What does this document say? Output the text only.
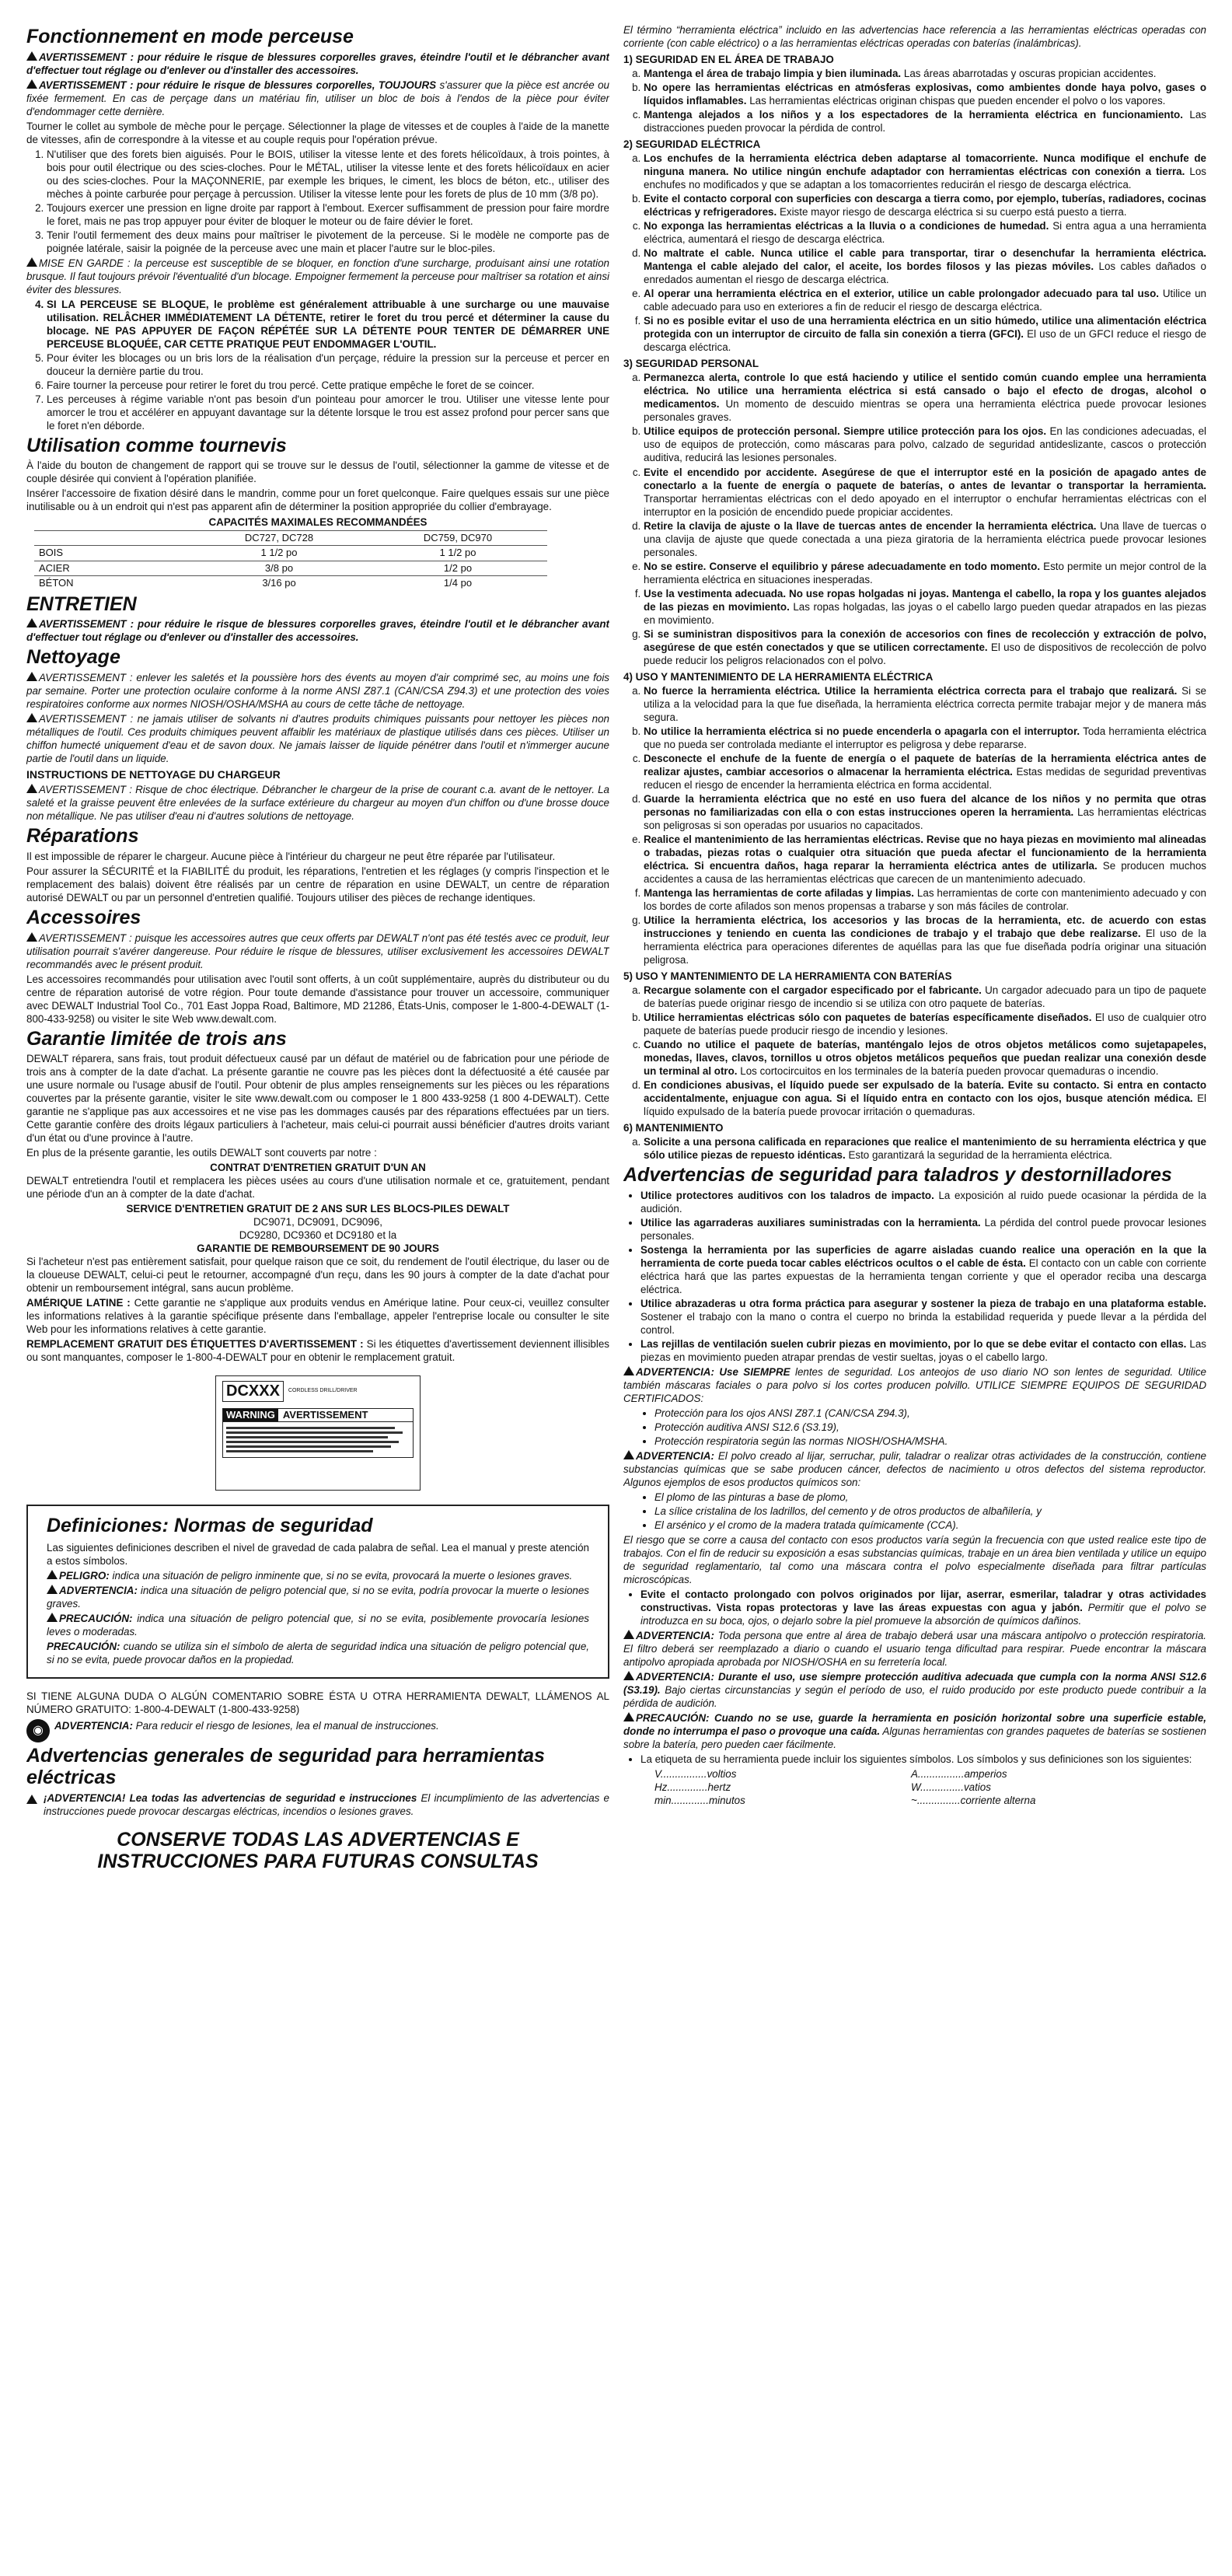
Fonctionnement en mode perceuse

AVERTISSEMENT : pour réduire le risque de blessures corporelles graves, éteindre l'outil et le débrancher avant d'effectuer tout réglage ou d'enlever ou d'installer des accessoires.

AVERTISSEMENT : pour réduire le risque de blessures corporelles, TOUJOURS s'assurer que la pièce est ancrée ou fixée fermement. En cas de perçage dans un matériau fin, utiliser un bloc de bois à l'endos de la pièce pour éviter d'endommager cette dernière.

Tourner le collet au symbole de mèche pour le perçage. Sélectionner la plage de vitesses et de couples à l'aide de la manette de vitesses, afin de correspondre à la vitesse et au couple requis pour l'opération prévue.

1. N'utiliser que des forets bien aiguisés. Pour le BOIS, utiliser la vitesse lente et des forets hélicoïdaux, à trois pointes, à bois pour outil électrique ou des scies-cloches. Pour le MÉTAL, utiliser la vitesse lente et des forets hélicoïdaux en acier ou des scies-cloches. Pour la MAÇONNERIE, par exemple les briques, le ciment, les blocs de béton, etc., utiliser des mèches à pointe carburée pour perçage à percussion. Utiliser la vitesse lente pour les forets de plus de 10 mm (3/8 po).
2. Toujours exercer une pression en ligne droite par rapport à l'embout. Exercer suffisamment de pression pour faire mordre le foret, mais ne pas trop appuyer pour éviter de bloquer le moteur ou de faire dévier le foret.
3. Tenir l'outil fermement des deux mains pour maîtriser le pivotement de la perceuse. Si le modèle ne comporte pas de poignée latérale, saisir la poignée de la perceuse avec une main et placer l'autre sur le bloc-piles.

MISE EN GARDE : la perceuse est susceptible de se bloquer, en fonction d'une surcharge, produisant ainsi une rotation brusque. Il faut toujours prévoir l'éventualité d'un blocage. Empoigner fermement la perceuse pour maîtriser sa rotation et ainsi éviter des blessures.

4. SI LA PERCEUSE SE BLOQUE, le problème est généralement attribuable à une surcharge ou une mauvaise utilisation. RELÂCHER IMMÉDIATEMENT LA DÉTENTE, retirer le foret du trou percé et déterminer la cause du blocage. NE PAS APPUYER DE FAÇON RÉPÉTÉE SUR LA DÉTENTE POUR TENTER DE DÉMARRER UNE PERCEUSE BLOQUÉE, CAR CETTE PRATIQUE PEUT ENDOMMAGER L'OUTIL.
5. Pour éviter les blocages ou un bris lors de la réalisation d'un perçage, réduire la pression sur la perceuse et percer en douceur la dernière partie du trou.
6. Faire tourner la perceuse pour retirer le foret du trou percé. Cette pratique empêche le foret de se coincer.
7. Les perceuses à régime variable n'ont pas besoin d'un pointeau pour amorcer le trou. Utiliser une vitesse lente pour amorcer le trou et accélérer en appuyant davantage sur la détente lorsque le trou est assez profond pour percer sans que le foret n'en déborde.
Utilisation comme tournevis

À l'aide du bouton de changement de rapport qui se trouve sur le dessus de l'outil, sélectionner la gamme de vitesse et de couple désirée qui convient à l'opération planifiée.

Insérer l'accessoire de fixation désiré dans le mandrin, comme pour un foret quelconque. Faire quelques essais sur une pièce inutilisable ou à un endroit qui n'est pas apparent afin de déterminer la position appropriée du collier d'embrayage.

CAPACITÉS MAXIMALES RECOMMANDÉES
	DC727, DC728	DC759, DC970
BOIS	1 1/2 po	1 1/2 po
ACIER	3/8 po	1/2 po
BÉTON	3/16 po	1/4 po
ENTRETIEN

AVERTISSEMENT : pour réduire le risque de blessures corporelles graves, éteindre l'outil et le débrancher avant d'effectuer tout réglage ou d'enlever ou d'installer des accessoires.

Nettoyage

AVERTISSEMENT : enlever les saletés et la poussière hors des évents au moyen d'air comprimé sec, au moins une fois par semaine. Porter une protection oculaire conforme à la norme ANSI Z87.1 (CAN/CSA Z94.3) et une protection des voies respiratoires conforme aux normes NIOSH/OSHA/MSHA au cours de cette tâche de nettoyage.

AVERTISSEMENT : ne jamais utiliser de solvants ni d'autres produits chimiques puissants pour nettoyer les pièces non métalliques de l'outil. Ces produits chimiques peuvent affaiblir les matériaux de plastique utilisés dans ces pièces. Utiliser un chiffon humecté uniquement d'eau et de savon doux. Ne jamais laisser de liquide pénétrer dans l'outil et n'immerger aucune partie de l'outil dans un liquide.

INSTRUCTIONS DE NETTOYAGE DU CHARGEUR

AVERTISSEMENT : Risque de choc électrique. Débrancher le chargeur de la prise de courant c.a. avant de le nettoyer. La saleté et la graisse peuvent être enlevées de la surface extérieure du chargeur au moyen d'un chiffon ou d'une brosse douce non métallique. Ne pas utiliser d'eau ni d'autres solutions de nettoyage.

Réparations

Il est impossible de réparer le chargeur. Aucune pièce à l'intérieur du chargeur ne peut être réparée par l'utilisateur.

Pour assurer la SÉCURITÉ et la FIABILITÉ du produit, les réparations, l'entretien et les réglages (y compris l'inspection et le remplacement des balais) doivent être réalisés par un centre de réparation en usine DEWALT, un centre de réparation autorisé DEWALT ou par un personnel d'entretien qualifié. Toujours utiliser des pièces de rechange identiques.

Accessoires

AVERTISSEMENT : puisque les accessoires autres que ceux offerts par DEWALT n'ont pas été testés avec ce produit, leur utilisation pourrait s'avérer dangereuse. Pour réduire le risque de blessures, utiliser exclusivement les accessoires DEWALT recommandés avec le présent produit.

Les accessoires recommandés pour utilisation avec l'outil sont offerts, à un coût supplémentaire, auprès du distributeur ou du centre de réparation autorisé de votre région. Pour toute demande d'assistance pour trouver un accessoire, communiquer avec DEWALT Industrial Tool Co., 701 East Joppa Road, Baltimore, MD 21286, États-Unis, composer le 1-800-4-DEWALT (1-800-433-9258) ou visiter le site Web www.dewalt.com.

Garantie limitée de trois ans

DEWALT réparera, sans frais, tout produit défectueux causé par un défaut de matériel ou de fabrication pour une période de trois ans à compter de la date d'achat. La présente garantie ne couvre pas les pièces dont la défectuosité a été causée par une usure normale ou l'usage abusif de l'outil. Pour obtenir de plus amples renseignements sur les pièces ou les réparations couvertes par la présente garantie, visiter le site www.dewalt.com ou composer le 1 800 433-9258 (1 800 4-DEWALT). Cette garantie ne s'applique pas aux accessoires et ne vise pas les dommages causés par des réparations effectuées par un tiers. Cette garantie confère des droits légaux particuliers à l'acheteur, mais celui-ci pourrait aussi bénéficier d'autres droits variant d'un état ou d'une province à l'autre.

En plus de la présente garantie, les outils DEWALT sont couverts par notre :

CONTRAT D'ENTRETIEN GRATUIT D'UN AN

DEWALT entretiendra l'outil et remplacera les pièces usées au cours d'une utilisation normale et ce, gratuitement, pendant une période d'un an à compter de la date d'achat.

SERVICE D'ENTRETIEN GRATUIT DE 2 ANS SUR LES BLOCS-PILES DEWALT
DC9071, DC9091, DC9096,
DC9280, DC9360 et DC9180 et la
GARANTIE DE REMBOURSEMENT DE 90 JOURS

Si l'acheteur n'est pas entièrement satisfait, pour quelque raison que ce soit, du rendement de l'outil électrique, du laser ou de la cloueuse DEWALT, celui-ci peut le retourner, accompagné d'un reçu, dans les 90 jours à compter de la date d'achat pour obtenir un remboursement intégral, sans aucun problème.

AMÉRIQUE LATINE : Cette garantie ne s'applique aux produits vendus en Amérique latine. Pour ceux-ci, veuillez consulter les informations relatives à la garantie spécifique présente dans l'emballage, appeler l'entreprise locale ou consulter le site Web pour les informations relatives à cette garantie.

REMPLACEMENT GRATUIT DES ÉTIQUETTES D'AVERTISSEMENT : Si les étiquettes d'avertissement deviennent illisibles ou sont manquantes, composer le 1-800-4-DEWALT pour en obtenir le remplacement gratuit.

DCXXX	CORDLESS DRILL/DRIVER
WARNING AVERTISSEMENT
Definiciones: Normas de seguridad

Las siguientes definiciones describen el nivel de gravedad de cada palabra de señal. Lea el manual y preste atención a estos símbolos.

PELIGRO: indica una situación de peligro inminente que, si no se evita, provocará la muerte o lesiones graves.

ADVERTENCIA: indica una situación de peligro potencial que, si no se evita, podría provocar la muerte o lesiones graves.

PRECAUCIÓN: indica una situación de peligro potencial que, si no se evita, posiblemente provocaría lesiones leves o moderadas.

PRECAUCIÓN: cuando se utiliza sin el símbolo de alerta de seguridad indica una situación de peligro potencial que, si no se evita, puede provocar daños en la propiedad.

SI TIENE ALGUNA DUDA O ALGÚN COMENTARIO SOBRE ÉSTA U OTRA HERRAMIENTA DEWALT, LLÁMENOS AL NÚMERO GRATUITO: 1-800-4-DEWALT (1-800-433-9258)

◉	ADVERTENCIA: Para reducir el riesgo de lesiones, lea el manual de instrucciones.

Advertencias generales de seguridad para herramientas eléctricas

¡ADVERTENCIA! Lea todas las advertencias de seguridad e instrucciones El incumplimiento de las advertencias e instrucciones puede provocar descargas eléctricas, incendios o lesiones graves.

CONSERVE TODAS LAS ADVERTENCIAS E
INSTRUCCIONES PARA FUTURAS CONSULTAS

El término “herramienta eléctrica” incluido en las advertencias hace referencia a las herramientas eléctricas operadas con corriente (con cable eléctrico) o a las herramientas eléctricas operadas con baterías (inalámbricas).

1) SEGURIDAD EN EL ÁREA DE TRABAJO
a. Mantenga el área de trabajo limpia y bien iluminada. Las áreas abarrotadas y oscuras propician accidentes.
b. No opere las herramientas eléctricas en atmósferas explosivas, como ambientes donde haya polvo, gases o líquidos inflamables. Las herramientas eléctricas originan chispas que pueden encender el polvo o los vapores.
c. Mantenga alejados a los niños y a los espectadores de la herramienta eléctrica en funcionamiento. Las distracciones pueden provocar la pérdida de control.
2) SEGURIDAD ELÉCTRICA
a. Los enchufes de la herramienta eléctrica deben adaptarse al tomacorriente. Nunca modifique el enchufe de ninguna manera. No utilice ningún enchufe adaptador con herramientas eléctricas con conexión a tierra. Los enchufes no modificados y que se adaptan a los tomacorrientes reducirán el riesgo de descarga eléctrica.
b. Evite el contacto corporal con superficies con descarga a tierra como, por ejemplo, tuberías, radiadores, cocinas eléctricas y refrigeradores. Existe mayor riesgo de descarga eléctrica si su cuerpo está puesto a tierra.
c. No exponga las herramientas eléctricas a la lluvia o a condiciones de humedad. Si entra agua a una herramienta eléctrica, aumentará el riesgo de descarga eléctrica.
d. No maltrate el cable. Nunca utilice el cable para transportar, tirar o desenchufar la herramienta eléctrica. Mantenga el cable alejado del calor, el aceite, los bordes filosos y las piezas móviles. Los cables dañados o enredados aumentan el riesgo de descarga eléctrica.
e. Al operar una herramienta eléctrica en el exterior, utilice un cable prolongador adecuado para tal uso. Utilice un cable adecuado para uso en exteriores a fin de reducir el riesgo de descarga eléctrica.
f. Si no es posible evitar el uso de una herramienta eléctrica en un sitio húmedo, utilice una alimentación eléctrica protegida con un interruptor de circuito de falla sin conexión a tierra (GFCI). El uso de un GFCI reduce el riesgo de descarga eléctrica.
3) SEGURIDAD PERSONAL
a. Permanezca alerta, controle lo que está haciendo y utilice el sentido común cuando emplee una herramienta eléctrica. No utilice una herramienta eléctrica si está cansado o bajo el efecto de drogas, alcohol o medicamentos. Un momento de descuido mientras se opera una herramienta eléctrica puede provocar lesiones personales graves.
b. Utilice equipos de protección personal. Siempre utilice protección para los ojos. En las condiciones adecuadas, el uso de equipos de protección, como máscaras para polvo, calzado de seguridad antideslizante, cascos o protección auditiva, reducirá las lesiones personales.
c. Evite el encendido por accidente. Asegúrese de que el interruptor esté en la posición de apagado antes de conectarlo a la fuente de energía o paquete de baterías, o antes de levantar o transportar la herramienta. Transportar herramientas eléctricas con el dedo apoyado en el interruptor o enchufar herramientas eléctricas con el interruptor en la posición de encendido puede propiciar accidentes.
d. Retire la clavija de ajuste o la llave de tuercas antes de encender la herramienta eléctrica. Una llave de tuercas o una clavija de ajuste que quede conectada a una pieza giratoria de la herramienta eléctrica puede provocar lesiones personales.
e. No se estire. Conserve el equilibrio y párese adecuadamente en todo momento. Esto permite un mejor control de la herramienta eléctrica en situaciones inesperadas.
f. Use la vestimenta adecuada. No use ropas holgadas ni joyas. Mantenga el cabello, la ropa y los guantes alejados de las piezas en movimiento. Las ropas holgadas, las joyas o el cabello largo pueden quedar atrapados en las piezas en movimiento.
g. Si se suministran dispositivos para la conexión de accesorios con fines de recolección y extracción de polvo, asegúrese de que estén conectados y que se utilicen correctamente. El uso de dispositivos de recolección de polvo puede reducir los peligros relacionados con el polvo.
4) USO Y MANTENIMIENTO DE LA HERRAMIENTA ELÉCTRICA
a. No fuerce la herramienta eléctrica. Utilice la herramienta eléctrica correcta para el trabajo que realizará. Si se utiliza a la velocidad para la que fue diseñada, la herramienta eléctrica correcta permite trabajar mejor y de manera más segura.
b. No utilice la herramienta eléctrica si no puede encenderla o apagarla con el interruptor. Toda herramienta eléctrica que no pueda ser controlada mediante el interruptor es peligrosa y debe repararse.
c. Desconecte el enchufe de la fuente de energía o el paquete de baterías de la herramienta eléctrica antes de realizar ajustes, cambiar accesorios o almacenar la herramienta eléctrica. Estas medidas de seguridad preventivas reducen el riesgo de encender la herramienta eléctrica en forma accidental.
d. Guarde la herramienta eléctrica que no esté en uso fuera del alcance de los niños y no permita que otras personas no familiarizadas con ella o con estas instrucciones operen la herramienta. Las herramientas eléctricas son peligrosas si son operadas por usuarios no capacitados.
e. Realice el mantenimiento de las herramientas eléctricas. Revise que no haya piezas en movimiento mal alineadas o trabadas, piezas rotas o cualquier otra situación que pueda afectar el funcionamiento de la herramienta eléctrica. Si encuentra daños, haga reparar la herramienta eléctrica antes de utilizarla. Se producen muchos accidentes a causa de las herramientas eléctricas que carecen de un mantenimiento adecuado.
f. Mantenga las herramientas de corte afiladas y limpias. Las herramientas de corte con mantenimiento adecuado y con los bordes de corte afilados son menos propensas a trabarse y son más fáciles de controlar.
g. Utilice la herramienta eléctrica, los accesorios y las brocas de la herramienta, etc. de acuerdo con estas instrucciones y teniendo en cuenta las condiciones de trabajo y el trabajo que debe realizarse. El uso de la herramienta eléctrica para operaciones diferentes de aquéllas para las que fue diseñada podría originar una situación peligrosa.
5) USO Y MANTENIMIENTO DE LA HERRAMIENTA CON BATERÍAS
a. Recargue solamente con el cargador especificado por el fabricante. Un cargador adecuado para un tipo de paquete de baterías puede originar riesgo de incendio si se utiliza con otro paquete de baterías.
b. Utilice herramientas eléctricas sólo con paquetes de baterías específicamente diseñados. El uso de cualquier otro paquete de baterías puede producir riesgo de incendio y lesiones.
c. Cuando no utilice el paquete de baterías, manténgalo lejos de otros objetos metálicos como sujetapapeles, monedas, llaves, clavos, tornillos u otros objetos metálicos pequeños que puedan realizar una conexión desde un terminal al otro. Los cortocircuitos en los terminales de la batería pueden provocar quemaduras o incendio.
d. En condiciones abusivas, el líquido puede ser expulsado de la batería. Evite su contacto. Si entra en contacto accidentalmente, enjuague con agua. Si el líquido entra en contacto con los ojos, busque atención médica. El líquido expulsado de la batería puede provocar irritación o quemaduras.
6) MANTENIMIENTO
a. Solicite a una persona calificada en reparaciones que realice el mantenimiento de su herramienta eléctrica y que sólo utilice piezas de repuesto idénticas. Esto garantizará la seguridad de la herramienta eléctrica.
Advertencias de seguridad para taladros y destornilladores
• Utilice protectores auditivos con los taladros de impacto. La exposición al ruido puede ocasionar la pérdida de la audición.
• Utilice las agarraderas auxiliares suministradas con la herramienta. La pérdida del control puede provocar lesiones personales.
• Sostenga la herramienta por las superficies de agarre aisladas cuando realice una operación en la que la herramienta de corte pueda tocar cables eléctricos ocultos o el cable de ésta. El contacto con un cable con corriente eléctrica hará que las partes expuestas de la herramienta tengan corriente y que el operador reciba una descarga eléctrica.
• Utilice abrazaderas u otra forma práctica para asegurar y sostener la pieza de trabajo en una plataforma estable. Sostener el trabajo con la mano o contra el cuerpo no brinda la estabilidad requerida y puede llevar a la pérdida del control.
• Las rejillas de ventilación suelen cubrir piezas en movimiento, por lo que se debe evitar el contacto con ellas. Las piezas en movimiento pueden atrapar prendas de vestir sueltas, joyas o el cabello largo.

ADVERTENCIA: Use SIEMPRE lentes de seguridad. Los anteojos de uso diario NO son lentes de seguridad. Utilice también máscaras faciales o para polvo si los cortes producen polvillo. UTILICE SIEMPRE EQUIPOS DE SEGURIDAD CERTIFICADOS:

• Protección para los ojos ANSI Z87.1 (CAN/CSA Z94.3),
• Protección auditiva ANSI S12.6 (S3.19),
• Protección respiratoria según las normas NIOSH/OSHA/MSHA.

ADVERTENCIA: El polvo creado al lijar, serruchar, pulir, taladrar o realizar otras actividades de la construcción, contiene substancias químicas que se sabe producen cáncer, defectos de nacimiento u otros defectos del sistema reproductor. Algunos ejemplos de esos productos químicos son:

• El plomo de las pinturas a base de plomo,
• La sílice cristalina de los ladrillos, del cemento y de otros productos de albañilería, y
• El arsénico y el cromo de la madera tratada químicamente (CCA).

El riesgo que se corre a causa del contacto con esos productos varía según la frecuencia con que usted realice este tipo de trabajos. Con el fin de reducir su exposición a esas substancias químicas, trabaje en un área bien ventilada y utilice un equipo de seguridad reglamentario, tal como una máscara contra el polvo especialmente diseñada para filtrar partículas microscópicas.

• Evite el contacto prolongado con polvos originados por lijar, aserrar, esmerilar, taladrar y otras actividades constructivas. Vista ropas protectoras y lave las áreas expuestas con agua y jabón. Permitir que el polvo se introduzca en su boca, ojos, o dejarlo sobre la piel promueve la absorción de químicos dañinos.

ADVERTENCIA: Toda persona que entre al área de trabajo deberá usar una máscara antipolvo o protección respiratoria. El filtro deberá ser reemplazado a diario o cuando el usuario tenga dificultad para respirar. Puede encontrar la máscara antipolvo apropiada aprobada por NIOSH/OSHA en su ferretería local.

ADVERTENCIA: Durante el uso, use siempre protección auditiva adecuada que cumpla con la norma ANSI S12.6 (S3.19). Bajo ciertas circunstancias y según el período de uso, el ruido producido por este producto puede contribuir a la pérdida de audición.

PRECAUCIÓN: Cuando no se use, guarde la herramienta en posición horizontal sobre una superficie estable, donde no interrumpa el paso o provoque una caída. Algunas herramientas con grandes paquetes de baterías se sostienen sobre la batería, pero pueden caer fácilmente.

• La etiqueta de su herramienta puede incluir los siguientes símbolos. Los símbolos y sus definiciones son los siguientes:
V................voltios	A................amperios
Hz..............hertz	W...............vatios
min.............minutos	~...............corriente alterna
